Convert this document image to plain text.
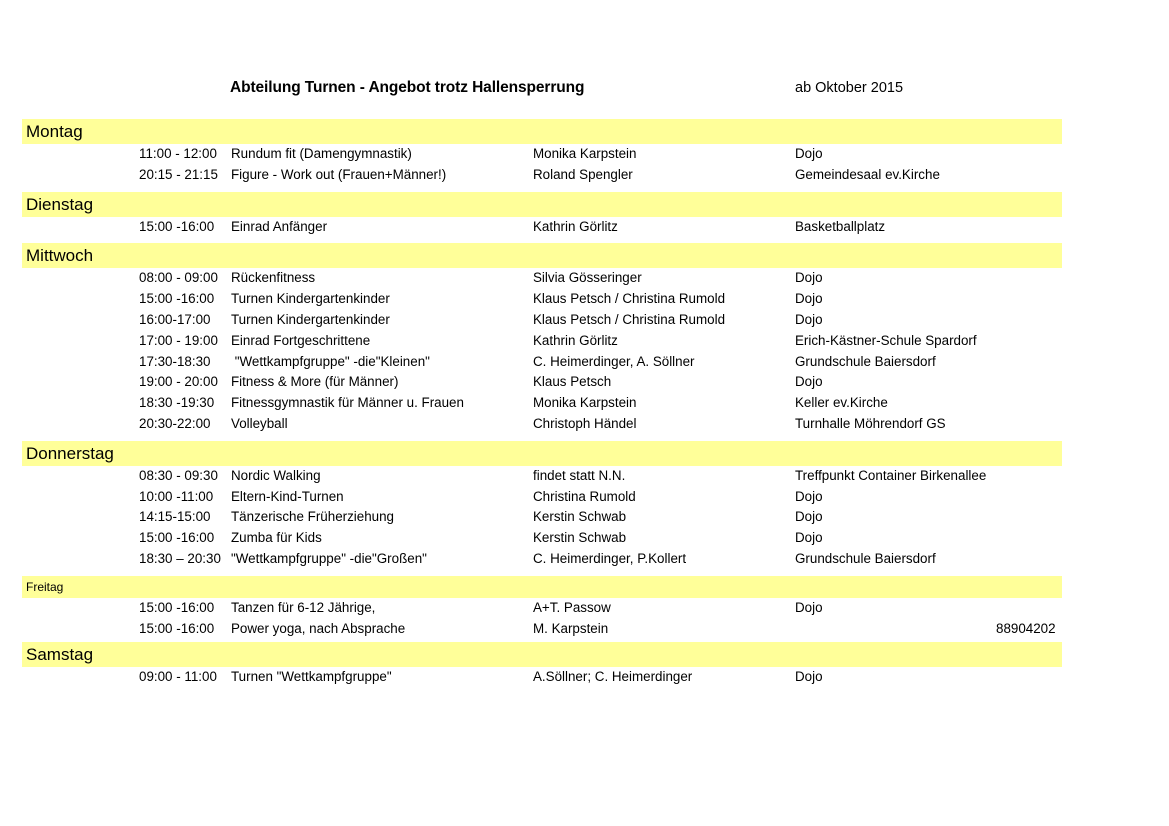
Abteilung Turnen - Angebot trotz Hallensperrung	ab Oktober 2015
Montag
11:00 - 12:00 Rundum fit (Damengymnastik)	Monika Karpstein	Dojo
20:15 - 21:15 Figure - Work out (Frauen+Männer!)	Roland Spengler	Gemeindesaal ev.Kirche
Dienstag
15:00 -16:00 Einrad Anfänger	Kathrin Görlitz	Basketballplatz
Mittwoch
08:00 - 09:00 Rückenfitness	Silvia Gösseringer	Dojo
15:00 -16:00 Turnen Kindergartenkinder	Klaus Petsch / Christina Rumold	Dojo
16:00-17:00 Turnen Kindergartenkinder	Klaus Petsch / Christina Rumold	Dojo
17:00 - 19:00 Einrad Fortgeschrittene	Kathrin Görlitz	Erich-Kästner-Schule Spardorf
17:30-18:30 "Wettkampfgruppe" -die"Kleinen"	C. Heimerdinger, A. Söllner	Grundschule Baiersdorf
19:00 - 20:00 Fitness & More (für Männer)	Klaus Petsch	Dojo
18:30 -19:30 Fitnessgymnastik für Männer u. Frauen	Monika Karpstein	Keller ev.Kirche
20:30-22:00 Volleyball	Christoph Händel	Turnhalle Möhrendorf GS
Donnerstag
08:30 - 09:30 Nordic Walking	findet statt N.N.	Treffpunkt Container Birkenallee
10:00 -11:00 Eltern-Kind-Turnen	Christina Rumold	Dojo
14:15-15:00 Tänzerische Früherziehung	Kerstin Schwab	Dojo
15:00 -16:00 Zumba für Kids	Kerstin Schwab	Dojo
18:30 – 20:30 "Wettkampfgruppe" -die"Großen"	C. Heimerdinger, P.Kollert	Grundschule Baiersdorf
Freitag
15:00 -16:00 Tanzen für 6-12 Jährige,	A+T. Passow	Dojo
15:00 -16:00 Power yoga, nach Absprache	M. Karpstein	88904202
Samstag
09:00 - 11:00 Turnen "Wettkampfgruppe"	A.Söllner; C. Heimerdinger	Dojo
